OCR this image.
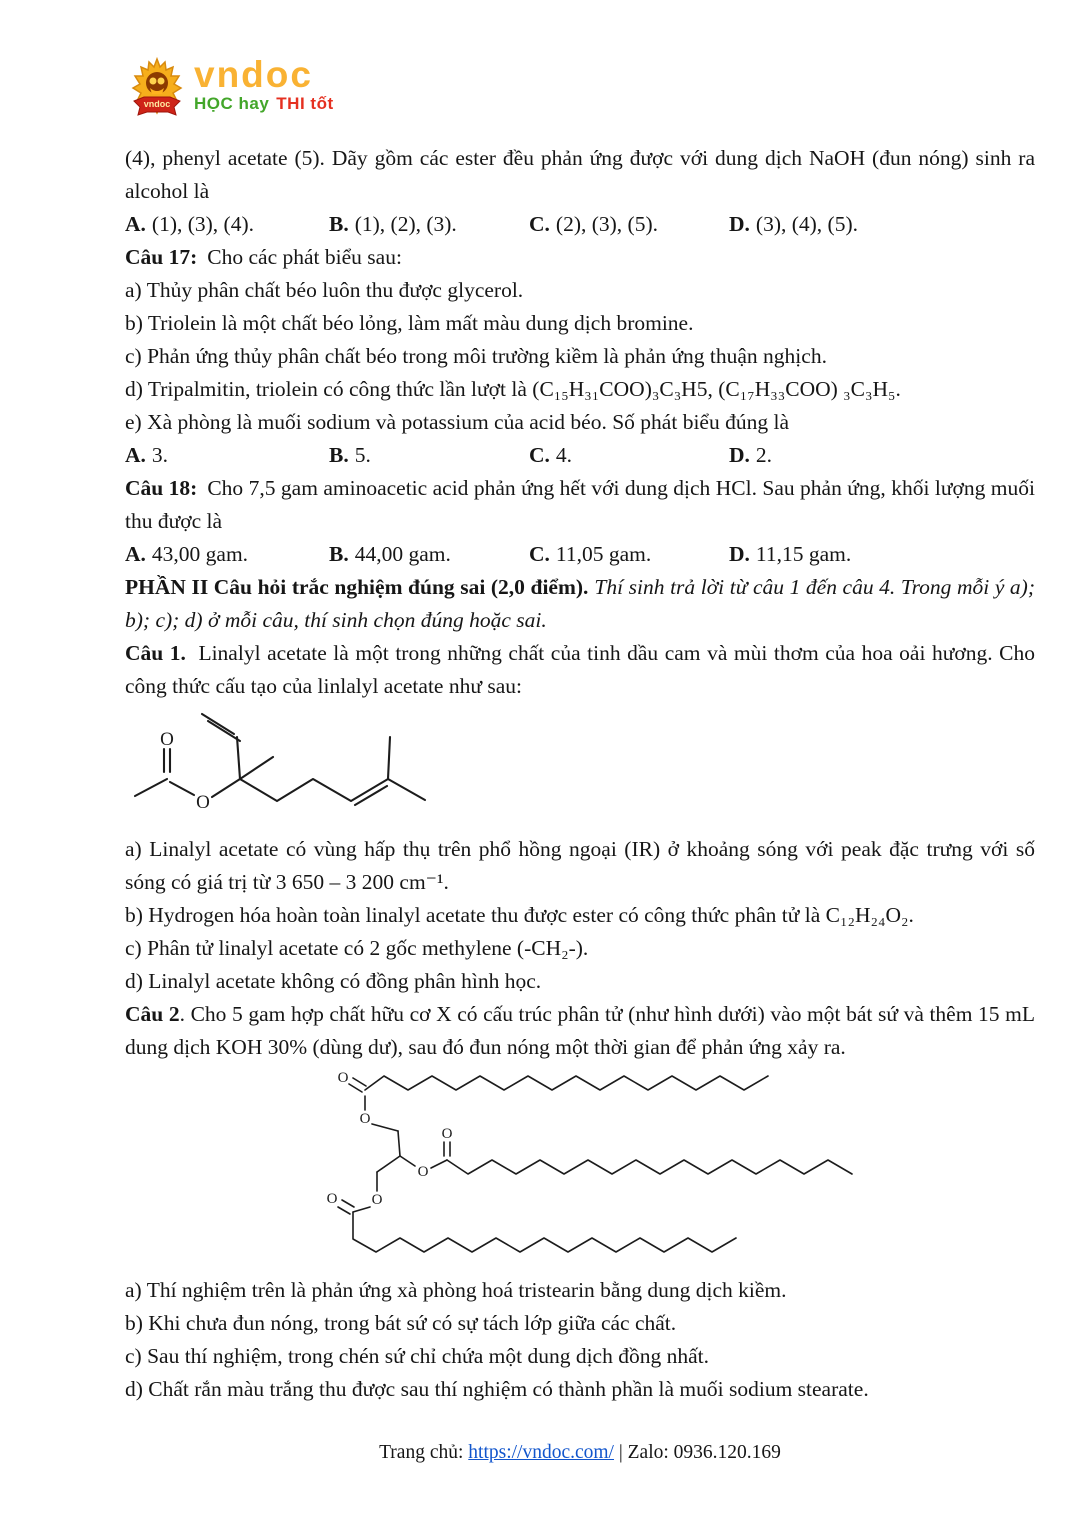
vndoc
vndoc
HỌC hay THI tốt

(4), phenyl acetate (5). Dãy gồm các ester đều phản ứng được với dung dịch NaOH (đun nóng) sinh ra alcohol là

A. (1), (3), (4).	B. (1), (2), (3).	C. (2), (3), (5).	D. (3), (4), (5).

Câu 17: Cho các phát biểu sau:

a) Thủy phân chất béo luôn thu được glycerol.

b) Triolein là một chất béo lỏng, làm mất màu dung dịch bromine.

c) Phản ứng thủy phân chất béo trong môi trường kiềm là phản ứng thuận nghịch.

d) Tripalmitin, triolein có công thức lần lượt là (C₁₅H₃₁COO)₃C₃H5, (C₁₇H₃₃COO) ₃C₃H₅.

e) Xà phòng là muối sodium và potassium của acid béo. Số phát biểu đúng là

A. 3.	B. 5.	C. 4.	D. 2.

Câu 18: Cho 7,5 gam aminoacetic acid phản ứng hết với dung dịch HCl. Sau phản ứng, khối lượng muối thu được là

A. 43,00 gam.	B. 44,00 gam.	C. 11,05 gam.	D. 11,15 gam.

PHẦN II Câu hỏi trắc nghiệm đúng sai (2,0 điểm). Thí sinh trả lời từ câu 1 đến câu 4. Trong mỗi ý a); b); c); d) ở mỗi câu, thí sinh chọn đúng hoặc sai.

Câu 1. Linalyl acetate là một trong những chất của tinh dầu cam và mùi thơm của hoa oải hương. Cho công thức cấu tạo của linlalyl acetate như sau:

O
O

a) Linalyl acetate có vùng hấp thụ trên phổ hồng ngoại (IR) ở khoảng sóng với peak đặc trưng với số sóng có giá trị từ 3 650 – 3 200 cm⁻¹.

b) Hydrogen hóa hoàn toàn linalyl acetate thu được ester có công thức phân tử là C₁₂H₂₄O₂.

c) Phân tử linalyl acetate có 2 gốc methylene (-CH₂-).

d) Linalyl acetate không có đồng phân hình học.

Câu 2. Cho 5 gam hợp chất hữu cơ X có cấu trúc phân tử (như hình dưới) vào một bát sứ và thêm 15 mL dung dịch KOH 30% (dùng dư), sau đó đun nóng một thời gian để phản ứng xảy ra.

O
O
O
O
O
O

a) Thí nghiệm trên là phản ứng xà phòng hoá tristearin bằng dung dịch kiềm.

b) Khi chưa đun nóng, trong bát sứ có sự tách lớp giữa các chất.

c) Sau thí nghiệm, trong chén sứ chỉ chứa một dung dịch đồng nhất.

d) Chất rắn màu trắng thu được sau thí nghiệm có thành phần là muối sodium stearate.

Trang chủ: https://vndoc.com/ | Zalo: 0936.120.169
